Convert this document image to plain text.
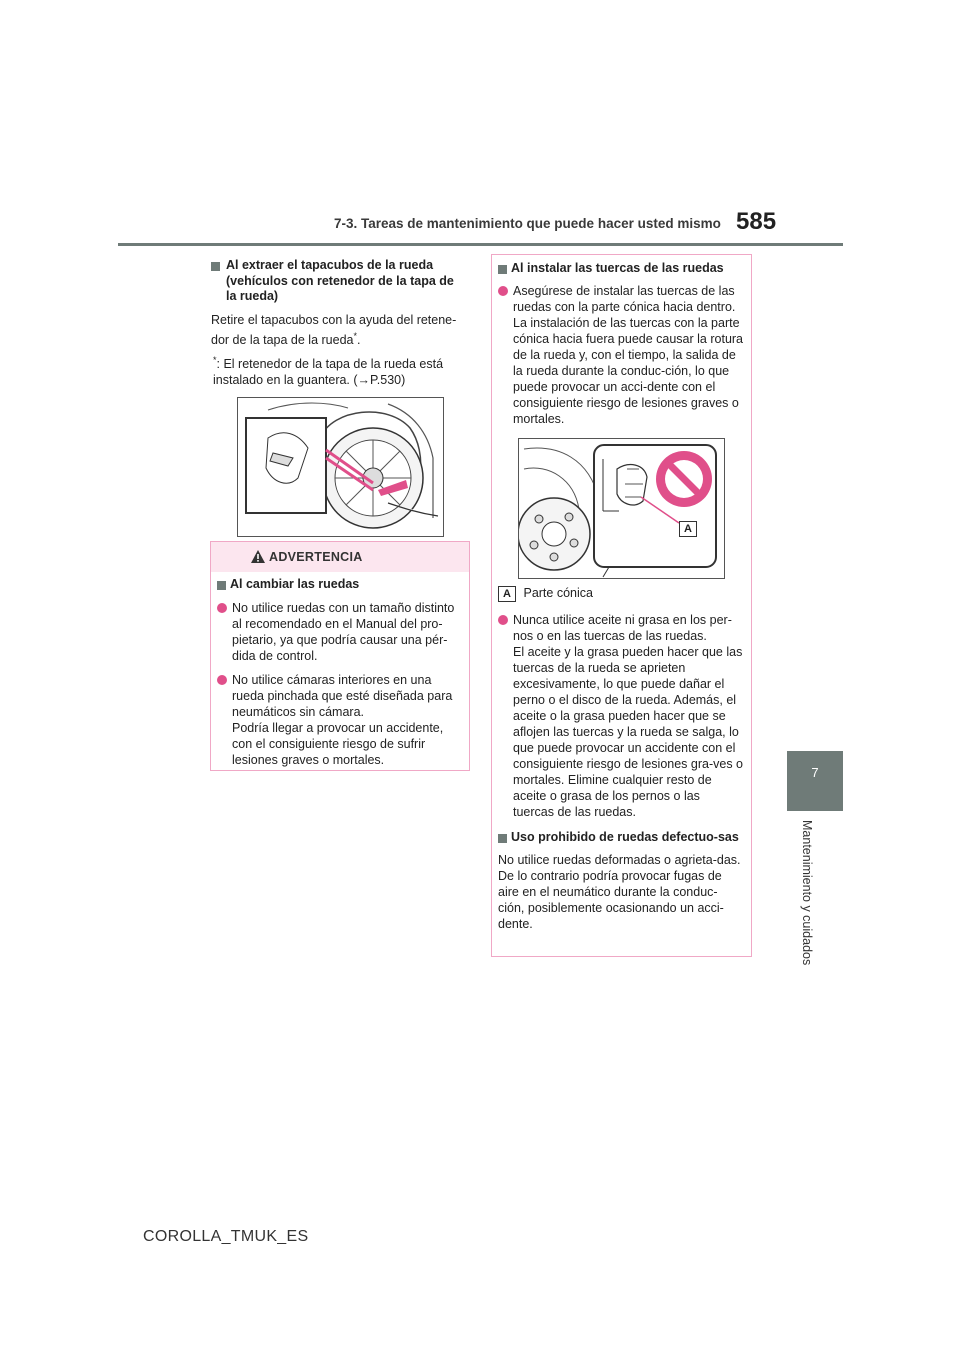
7-3. Tareas de mantenimiento que puede hacer usted mismo 585
7
Mantenimiento y cuidados
Al extraer el tapacubos de la rueda (vehículos con retenedor de la tapa de la rueda)
Retire el tapacubos con la ayuda del retene-dor de la tapa de la rueda*.
*: El retenedor de la tapa de la rueda está instalado en la guantera. (→P.530)
ADVERTENCIA
Al cambiar las ruedas
No utilice ruedas con un tamaño distinto al recomendado en el Manual del pro-pietario, ya que podría causar una pér-dida de control.
No utilice cámaras interiores en una rueda pinchada que esté diseñada para neumáticos sin cámara.
Podría llegar a provocar un accidente, con el consiguiente riesgo de sufrir lesiones graves o mortales.
Al instalar las tuercas de las ruedas
Asegúrese de instalar las tuercas de las ruedas con la parte cónica hacia dentro. La instalación de las tuercas con la parte cónica hacia fuera puede causar la rotura de la rueda y, con el tiempo, la salida de la rueda durante la conduc-ción, lo que puede provocar un acci-dente con el consiguiente riesgo de lesiones graves o mortales.
A
A Parte cónica
Nunca utilice aceite ni grasa en los per-nos o en las tuercas de las ruedas.
El aceite y la grasa pueden hacer que las tuercas de la rueda se aprieten excesivamente, lo que puede dañar el perno o el disco de la rueda. Además, el aceite o la grasa pueden hacer que se aflojen las tuercas y la rueda se salga, lo que puede provocar un accidente con el consiguiente riesgo de lesiones gra-ves o mortales. Elimine cualquier resto de aceite o grasa de los pernos o las tuercas de las ruedas.
Uso prohibido de ruedas defectuo-sas
No utilice ruedas deformadas o agrieta-das. De lo contrario podría provocar fugas de aire en el neumático durante la conduc-ción, posiblemente ocasionando un acci-dente.
COROLLA_TMUK_ES
